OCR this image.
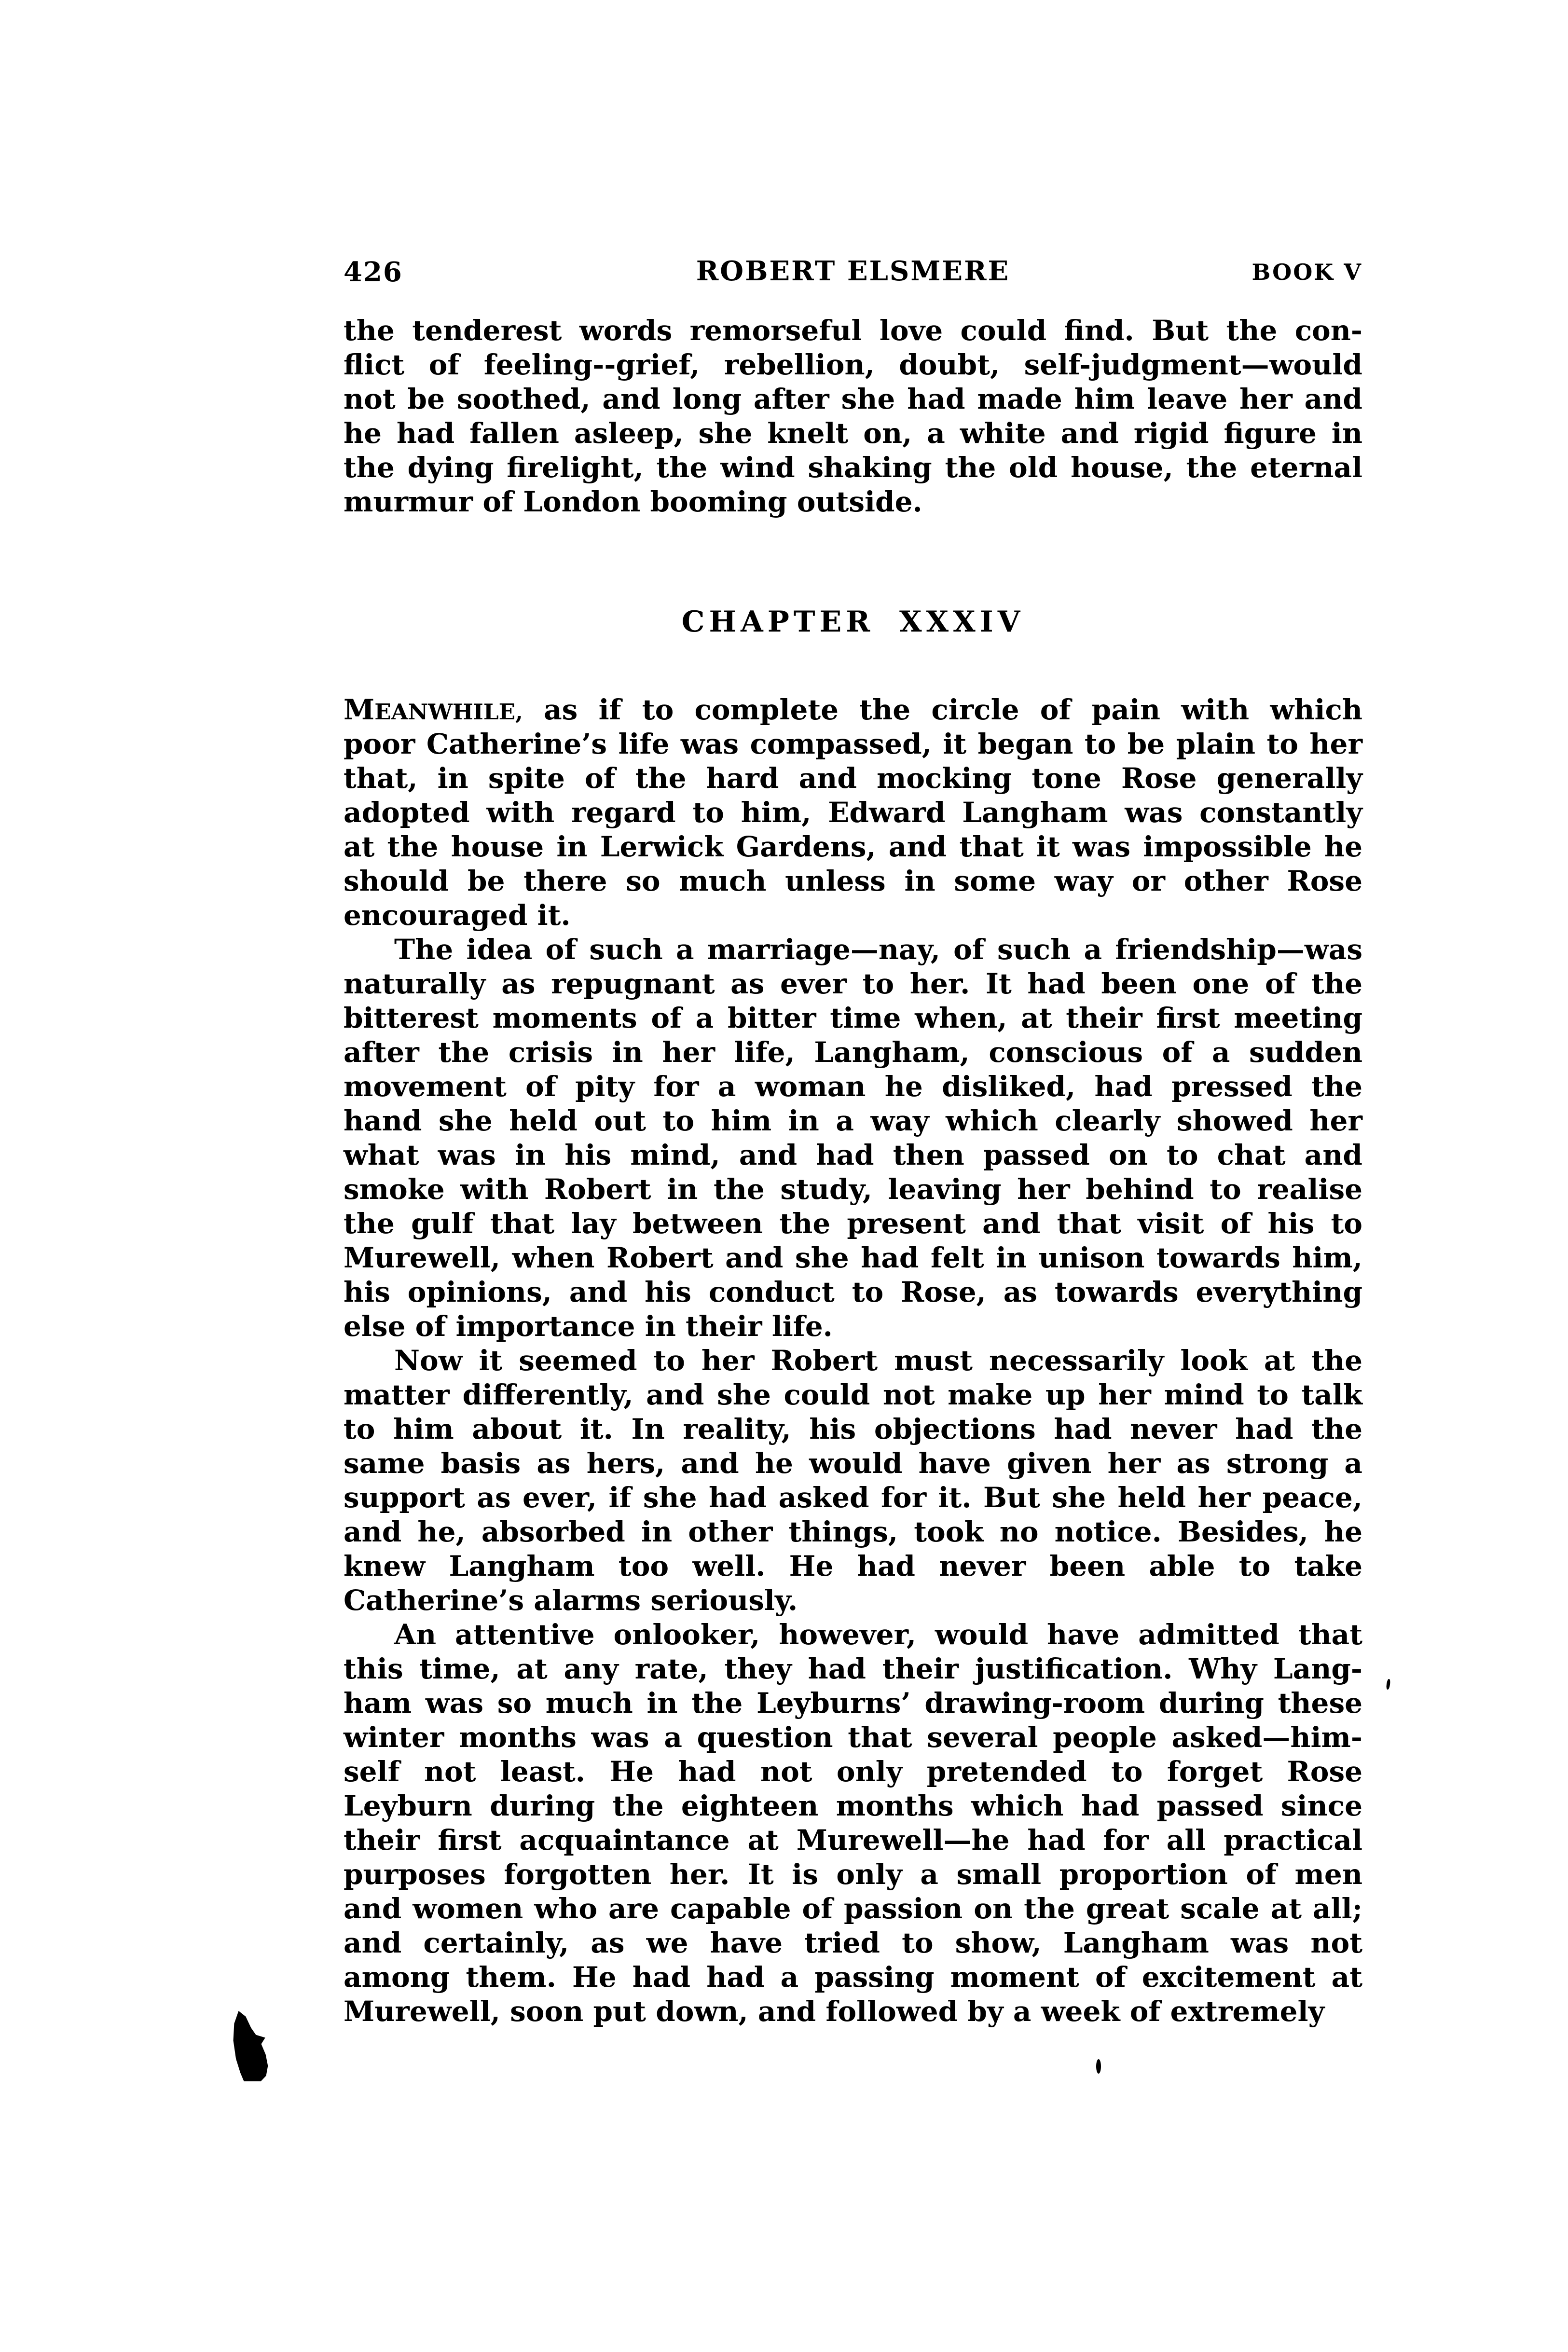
426	ROBERT ELSMERE	BOOK V
the tenderest words remorseful love could find. But the con-
flict of feeling--grief, rebellion, doubt, self-judgment—would
not be soothed, and long after she had made him leave her and
he had fallen asleep, she knelt on, a white and rigid figure in
the dying firelight, the wind shaking the old house, the eternal
murmur of London booming outside.
CHAPTER XXXIV
MEANWHILE, as if to complete the circle of pain with which
poor Catherine’s life was compassed, it began to be plain to her
that, in spite of the hard and mocking tone Rose generally
adopted with regard to him, Edward Langham was constantly
at the house in Lerwick Gardens, and that it was impossible he
should be there so much unless in some way or other Rose
encouraged it.
The idea of such a marriage—nay, of such a friendship—was
naturally as repugnant as ever to her. It had been one of the
bitterest moments of a bitter time when, at their first meeting
after the crisis in her life, Langham, conscious of a sudden
movement of pity for a woman he disliked, had pressed the
hand she held out to him in a way which clearly showed her
what was in his mind, and had then passed on to chat and
smoke with Robert in the study, leaving her behind to realise
the gulf that lay between the present and that visit of his to
Murewell, when Robert and she had felt in unison towards him,
his opinions, and his conduct to Rose, as towards everything
else of importance in their life.
Now it seemed to her Robert must necessarily look at the
matter differently, and she could not make up her mind to talk
to him about it. In reality, his objections had never had the
same basis as hers, and he would have given her as strong a
support as ever, if she had asked for it. But she held her peace,
and he, absorbed in other things, took no notice. Besides, he
knew Langham too well. He had never been able to take
Catherine’s alarms seriously.
An attentive onlooker, however, would have admitted that
this time, at any rate, they had their justification. Why Lang-
ham was so much in the Leyburns’ drawing-room during these
winter months was a question that several people asked—him-
self not least. He had not only pretended to forget Rose
Leyburn during the eighteen months which had passed since
their first acquaintance at Murewell—he had for all practical
purposes forgotten her. It is only a small proportion of men
and women who are capable of passion on the great scale at all;
and certainly, as we have tried to show, Langham was not
among them. He had had a passing moment of excitement at
Murewell, soon put down, and followed by a week of extremely
